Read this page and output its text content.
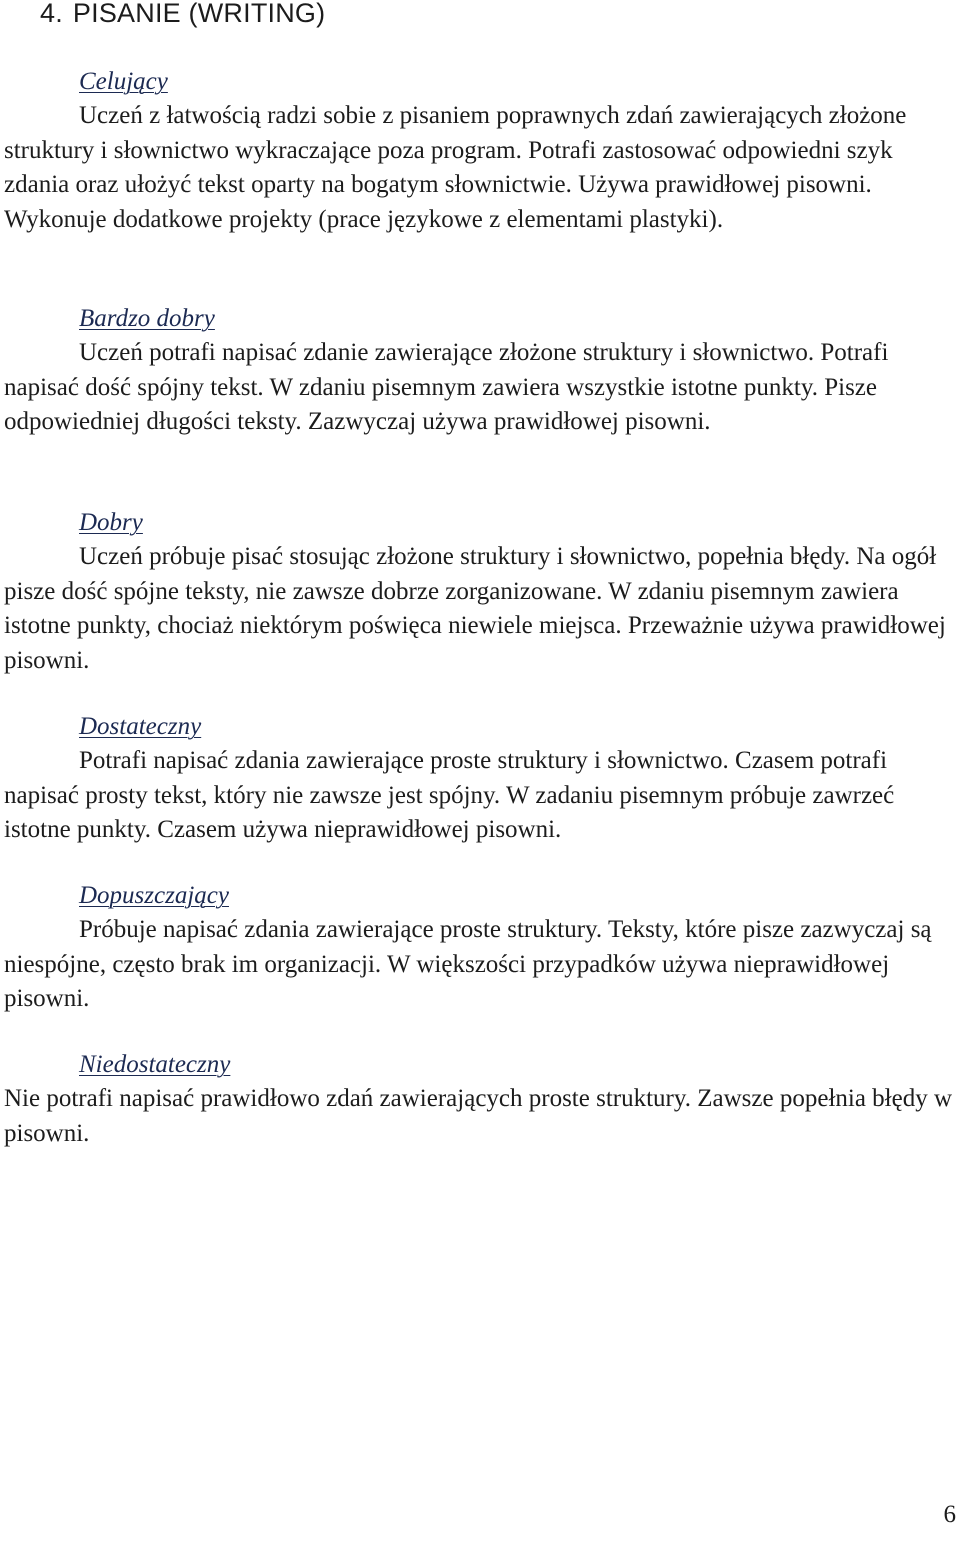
4. PISANIE (WRITING)
Celujący

Uczeń z łatwością radzi sobie z pisaniem poprawnych zdań zawierających złożone struktury i słownictwo wykraczające poza program. Potrafi zastosować odpowiedni szyk zdania oraz ułożyć tekst oparty na bogatym słownictwie. Używa prawidłowej pisowni. Wykonuje dodatkowe projekty (prace językowe z elementami plastyki).

Bardzo dobry

Uczeń potrafi napisać zdanie zawierające złożone struktury i słownictwo. Potrafi napisać dość spójny tekst. W zdaniu pisemnym zawiera wszystkie istotne punkty. Pisze odpowiedniej długości teksty. Zazwyczaj używa prawidłowej pisowni.

Dobry

Uczeń próbuje pisać stosując złożone struktury i słownictwo, popełnia błędy. Na ogół pisze dość spójne teksty, nie zawsze dobrze zorganizowane. W zdaniu pisemnym zawiera istotne punkty, chociaż niektórym poświęca niewiele miejsca. Przeważnie używa prawidłowej pisowni.

Dostateczny

Potrafi napisać zdania zawierające proste struktury i słownictwo. Czasem potrafi napisać prosty tekst, który nie zawsze jest spójny. W zadaniu pisemnym próbuje zawrzeć istotne punkty. Czasem używa nieprawidłowej pisowni.

Dopuszczający

Próbuje napisać zdania zawierające proste struktury. Teksty, które pisze zazwyczaj są niespójne, często brak im organizacji. W większości przypadków używa nieprawidłowej pisowni.

Niedostateczny

Nie potrafi napisać prawidłowo zdań zawierających proste struktury. Zawsze popełnia błędy w pisowni.

6
